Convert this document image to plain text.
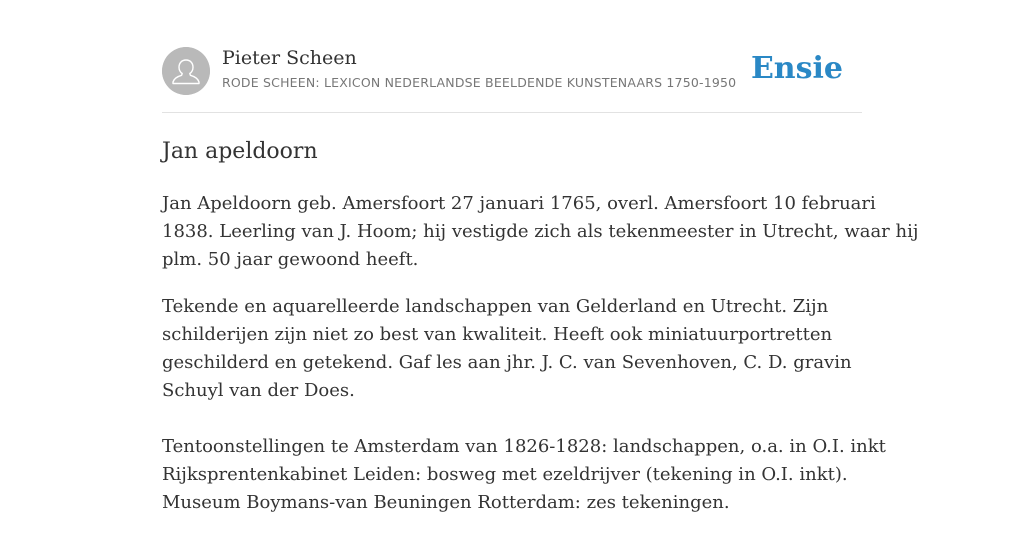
Pieter Scheen
RODE SCHEEN: LEXICON NEDERLANDSE BEELDENDE KUNSTENAARS 1750-1950 Ensie
Jan apeldoorn

Jan Apeldoorn geb. Amersfoort 27 januari 1765, overl. Amersfoort 10 februari
1838. Leerling van J. Hoom; hij vestigde zich als tekenmeester in Utrecht, waar hij
plm. 50 jaar gewoond heeft.

Tekende en aquarelleerde landschappen van Gelderland en Utrecht. Zijn
schilderijen zijn niet zo best van kwaliteit. Heeft ook miniatuurportretten
geschilderd en getekend. Gaf les aan jhr. J. C. van Sevenhoven, C. D. gravin
Schuyl van der Does.
Tentoonstellingen te Amsterdam van 1826-1828: landschappen, o.a. in O.I. inkt
Rijksprentenkabinet Leiden: bosweg met ezeldrijver (tekening in O.I. inkt).
Museum Boymans-van Beuningen Rotterdam: zes tekeningen.
